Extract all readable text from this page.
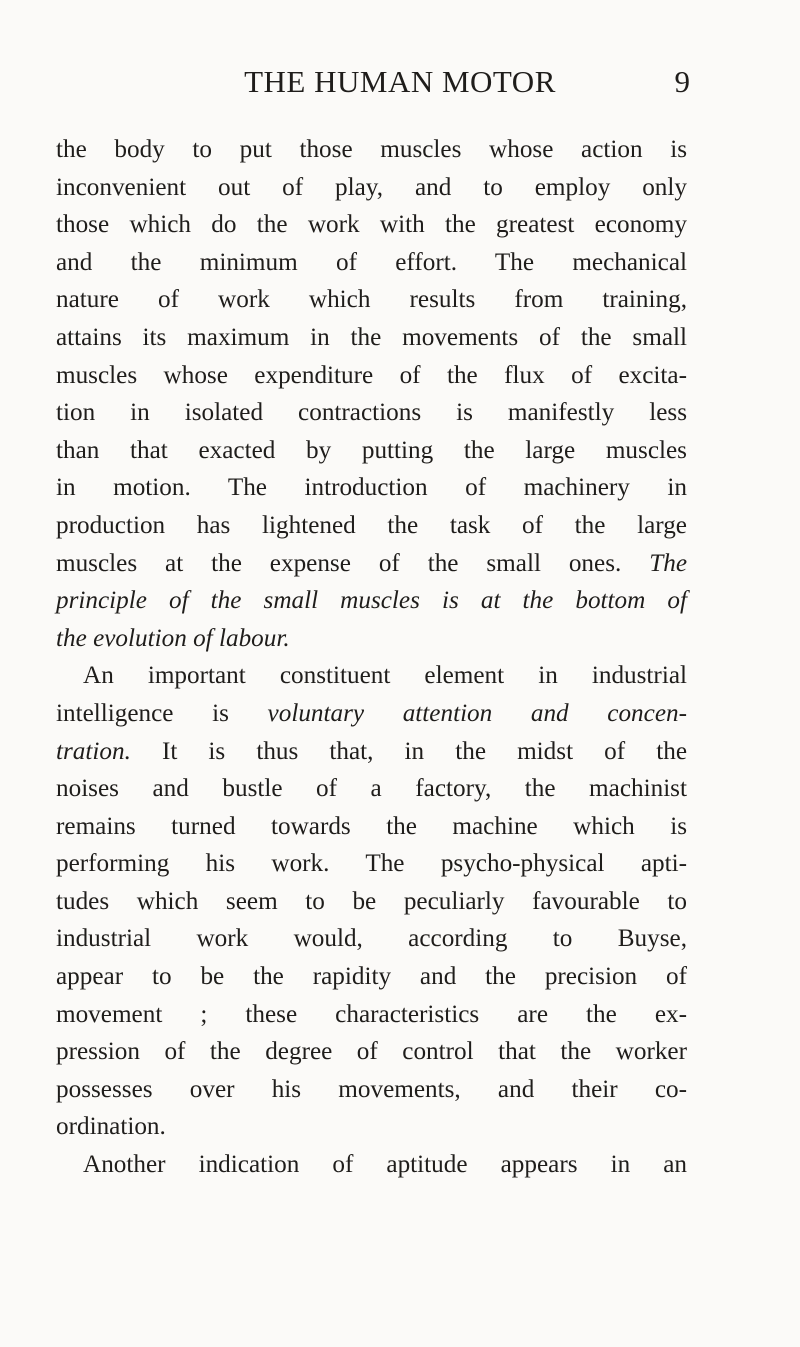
THE HUMAN MOTOR	9
the body to put those muscles whose action is
inconvenient out of play, and to employ only
those which do the work with the greatest economy
and the minimum of effort. The mechanical
nature of work which results from training,
attains its maximum in the movements of the small
muscles whose expenditure of the flux of excita-
tion in isolated contractions is manifestly less
than that exacted by putting the large muscles
in motion. The introduction of machinery in
production has lightened the task of the large
muscles at the expense of the small ones. The
principle of the small muscles is at the bottom of
the evolution of labour.
An important constituent element in industrial
intelligence is voluntary attention and concen-
tration. It is thus that, in the midst of the
noises and bustle of a factory, the machinist
remains turned towards the machine which is
performing his work. The psycho-physical apti-
tudes which seem to be peculiarly favourable to
industrial work would, according to Buyse,
appear to be the rapidity and the precision of
movement ; these characteristics are the ex-
pression of the degree of control that the worker
possesses over his movements, and their co-
ordination.
Another indication of aptitude appears in an
